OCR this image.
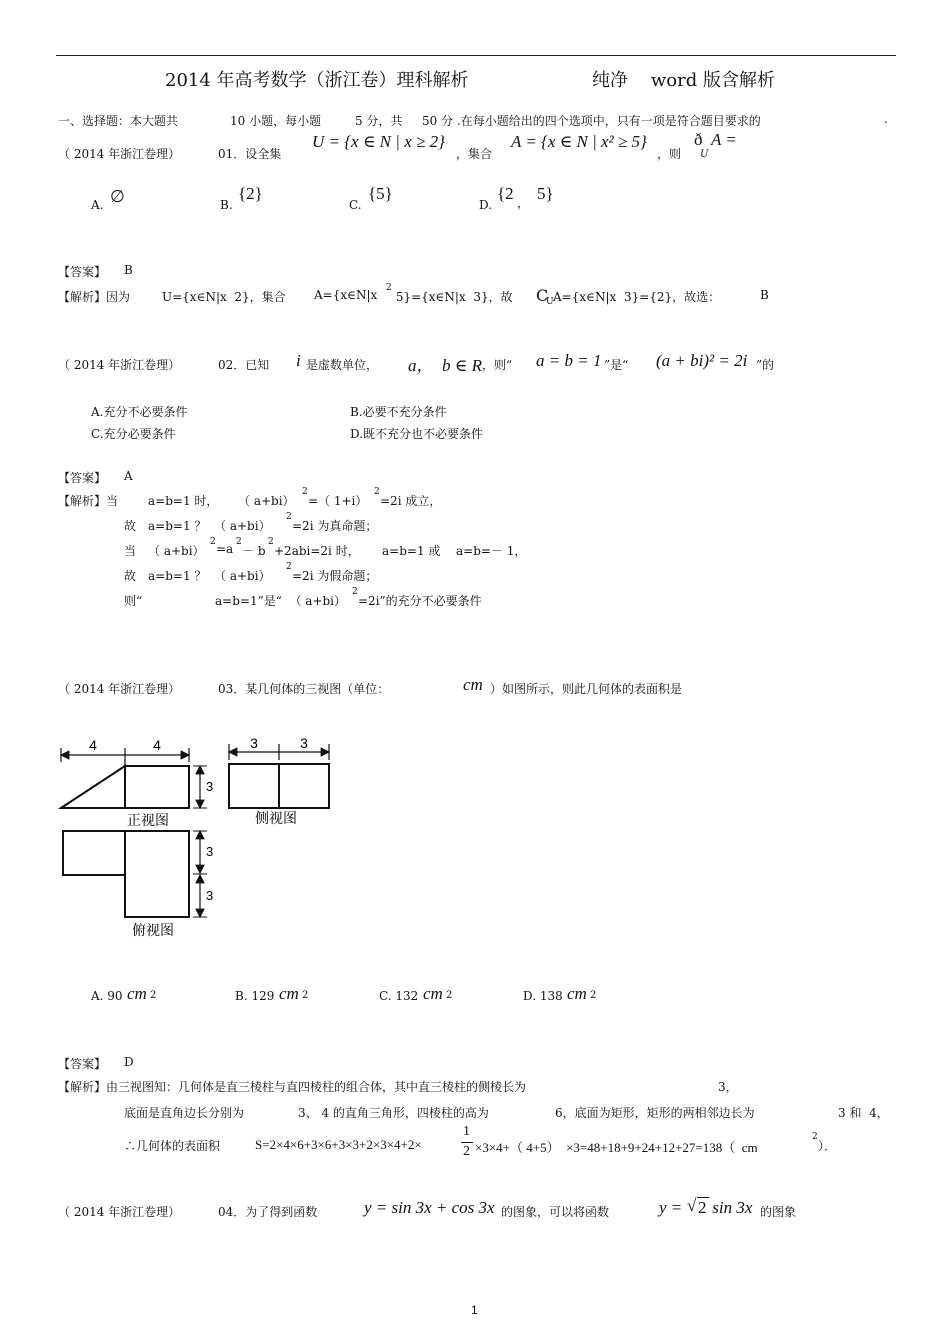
2014 年高考数学（浙江卷）理科解析	纯净    word 版含解析
一、选择题：本大题共	10 小题，每小题	5 分，共 50 分 .在每小题给出的四个选项中，只有一项是符合题目要求的	.
（ 2014 年浙江卷理）	01．设全集
U = {x ∈ N | x ≥ 2}
，集合
A = {x ∈ N | x² ≥ 5}
，则
ð
U
A =
A. ∅	B.
{2}
C.
{5}
D.
{2 ， 5}
【答案】 B
【解析】因为	U={x∈N|x  2}，集合 A={x∈N|x 2
5}={x∈N|x  3}，故 C
U A={x∈N|x  3}={2}，故选：	B
（ 2014 年浙江卷理）	02．已知 i 是虚数单位， a，  b ∈ R ，则“ a = b = 1 ”是“ (a + bi)² = 2i ”的
A.充分不必要条件	B.必要不充分条件
C.充分必要条件	D.既不充分也不必要条件
【答案】 A
【解析】当 a=b=1 时， （ a+bi）
2
=（ 1+i）
2
=2i 成立，
故 a=b=1 ？  （ a+bi）
2
=2i 为真命题；
当 （ a+bi）
2 =a 2
－ b
2
+2abi=2i 时， a=b=1 或 a=b=－ 1，
故 a=b=1 ？  （ a+bi）
2
=2i 为假命题；
则“	a=b=1”是“  （ a+bi）
2
=2i”的充分不必要条件
（ 2014 年浙江卷理）	03．某几何体的三视图（单位：	cm ）如图所示，则此几何体的表面积是
4	4
3
正视图
3	3
侧视图
3
3
俯视图
A. 90 cm 2	B. 129 cm 2	C. 132 cm 2	D. 138 cm 2
【答案】 D
【解析】由三视图知：几何体是直三棱柱与直四棱柱的组合体，其中直三棱柱的侧棱长为	3，
底面是直角边长分别为	3、 4 的直角三角形，四棱柱的高为	6，底面为矩形，矩形的两相邻边长为	3 和  4，
∴几何体的表面积	S=2×4×6+3×6+3×3+2×3×4+2×
1
2 ×3×4+（ 4+5）  ×3=48+18+9+24+12+27=138（  cm
2
）．
（ 2014 年浙江卷理）	04．为了得到函数	y = sin 3x + cos 3x 的图象，可以将函数	y = √ 2 sin 3x 的图象
1
